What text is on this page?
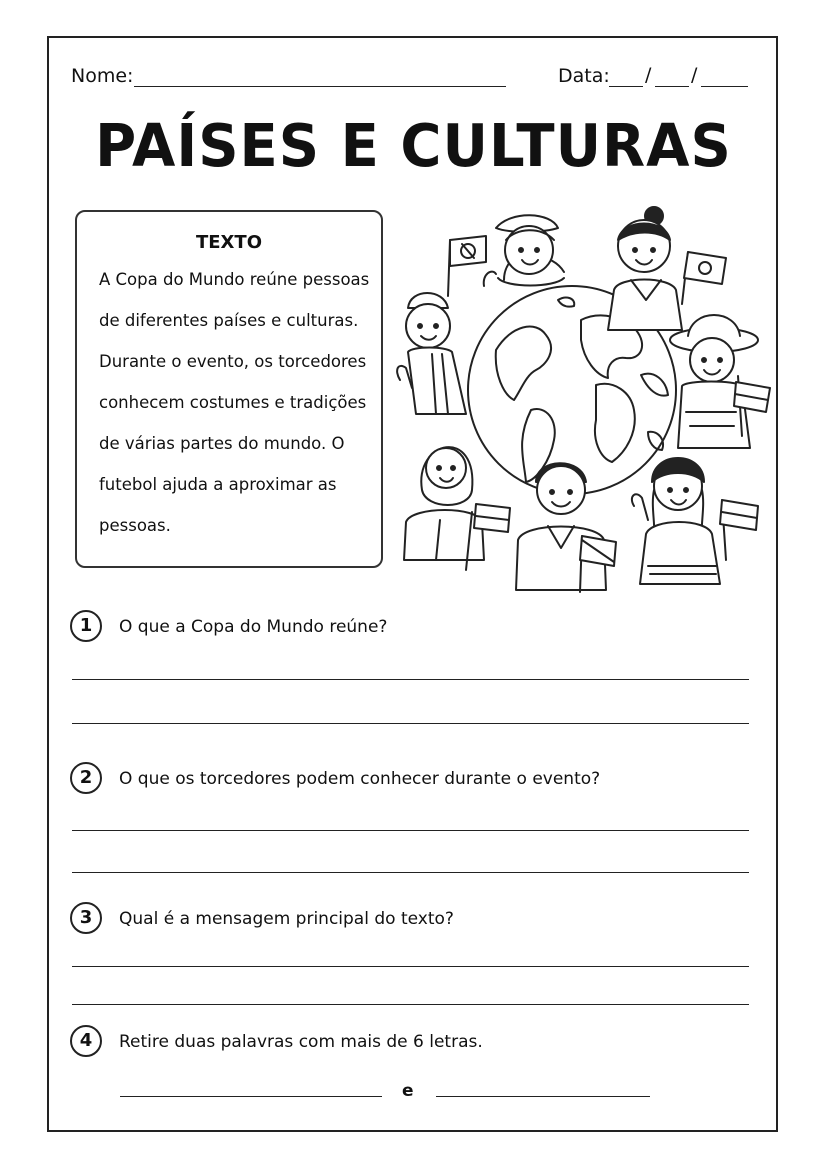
Nome:	Data: / /
PAÍSES E CULTURAS
TEXTO
A Copa do Mundo reúne pessoas
de diferentes países e culturas.
Durante o evento, os torcedores
conhecem costumes e tradições
de várias partes do mundo. O
futebol ajuda a aproximar as
pessoas.
1	O que a Copa do Mundo reúne?
2	O que os torcedores podem conhecer durante o evento?
3	Qual é a mensagem principal do texto?
4	Retire duas palavras com mais de 6 letras.
e
